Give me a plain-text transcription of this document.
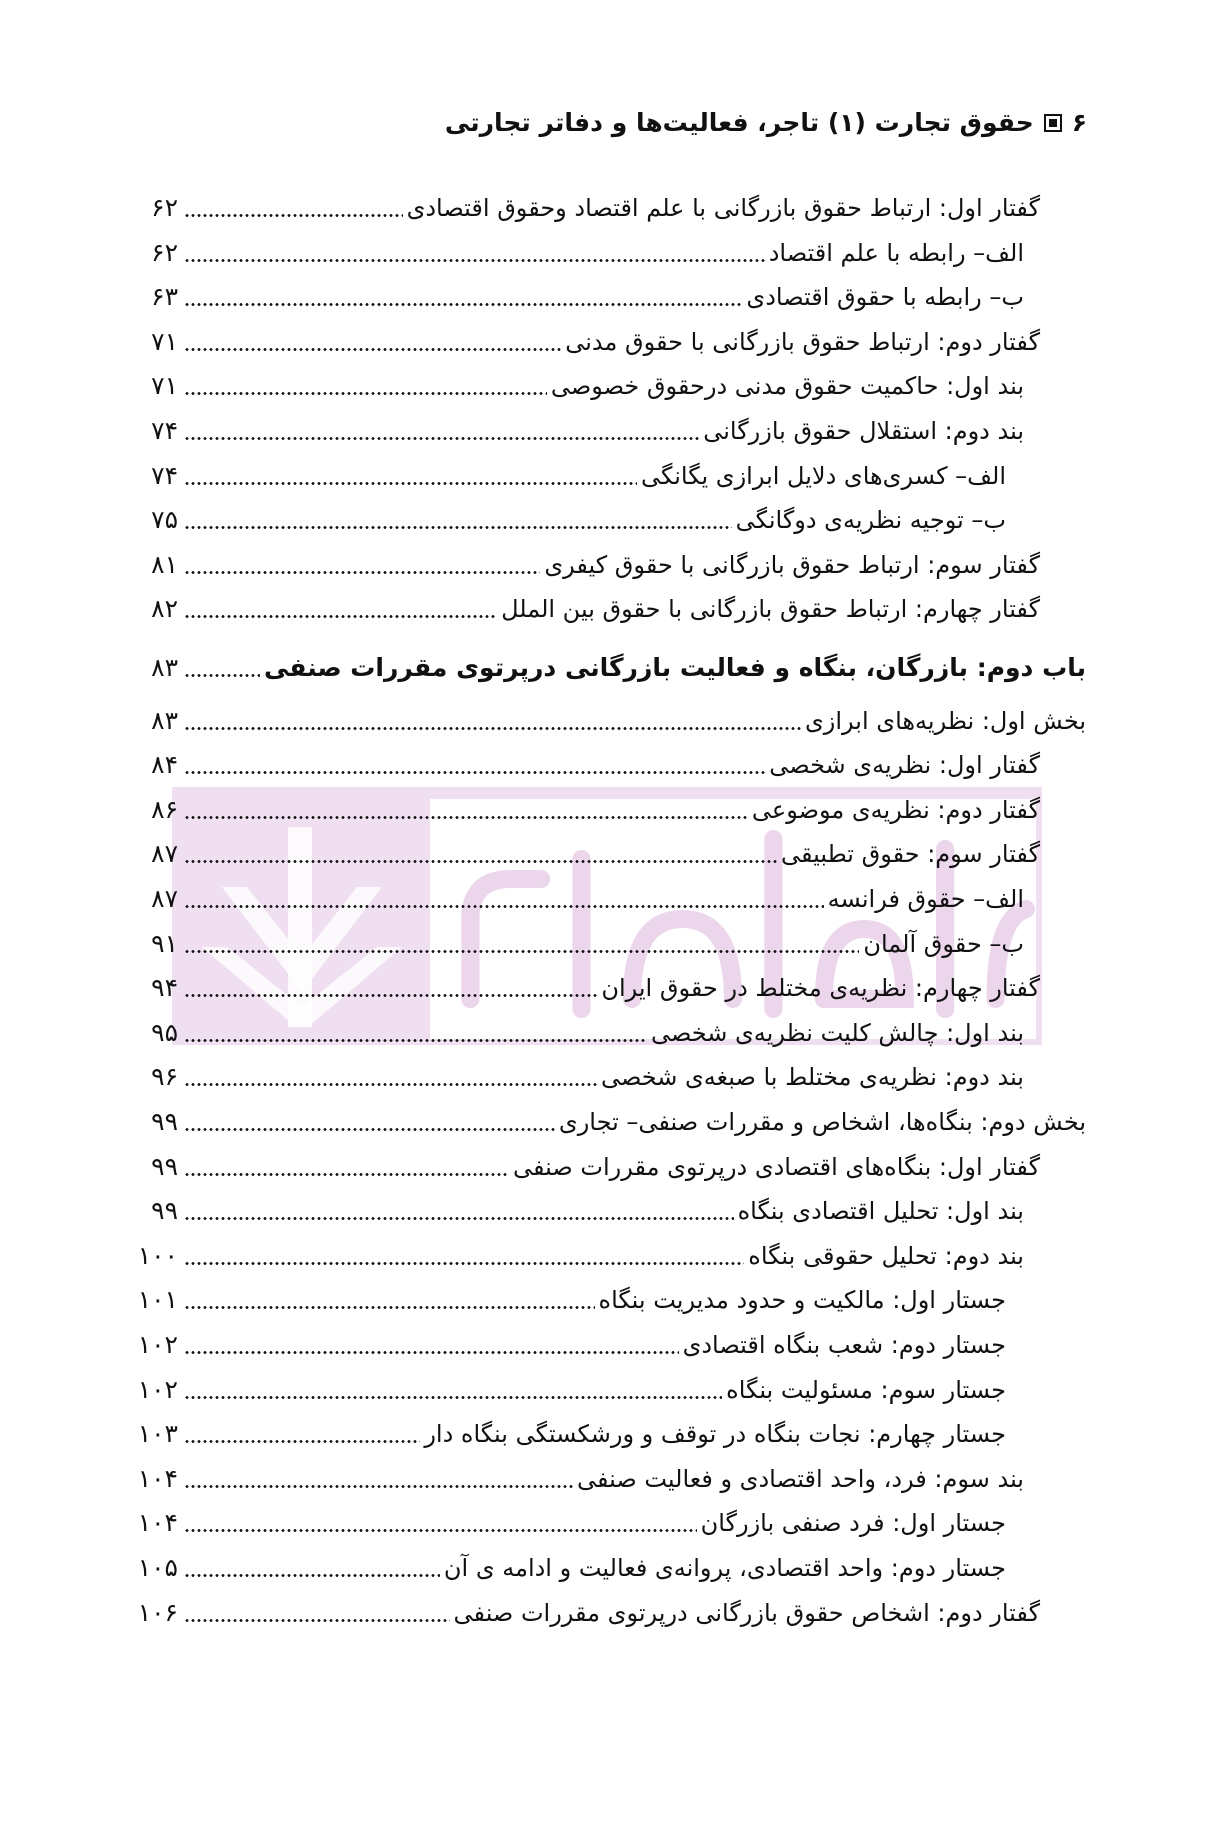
۶
حقوق تجارت (۱) تاجر، فعالیت‌ها و دفاتر تجارتی
گفتار اول: ارتباط حقوق بازرگانی با علم اقتصاد وحقوق اقتصادی
۶۲
الف– رابطه با علم اقتصاد
۶۲
ب– رابطه با حقوق اقتصادی
۶۳
گفتار دوم: ارتباط حقوق بازرگانی با حقوق مدنی
۷۱
بند اول: حاکمیت حقوق مدنی درحقوق خصوصی
۷۱
بند دوم: استقلال حقوق بازرگانی
۷۴
الف– کسری‌های دلایل ابرازی یگانگی
۷۴
ب– توجیه نظریه‌ی دوگانگی
۷۵
گفتار سوم: ارتباط حقوق بازرگانی با حقوق کیفری
۸۱
گفتار چهارم: ارتباط حقوق بازرگانی با حقوق بین الملل
۸۲
باب دوم: بازرگان، بنگاه و فعالیت بازرگانی درپرتوی مقررات صنفی
۸۳
بخش اول: نظریه‌های ابرازی
۸۳
گفتار اول: نظریه‌ی شخصی
۸۴
گفتار دوم: نظریه‌ی موضوعی
۸۶
گفتار سوم: حقوق تطبیقی
۸۷
الف– حقوق فرانسه
۸۷
ب– حقوق آلمان
۹۱
گفتار چهارم: نظریه‌ی مختلط در حقوق ایران
۹۴
بند اول: چالش کلیت نظریه‌ی شخصی
۹۵
بند دوم: نظریه‌ی مختلط با صبغه‌ی شخصی
۹۶
بخش دوم: بنگاه‌ها، اشخاص و مقررات صنفی– تجاری
۹۹
گفتار اول: بنگاه‌های اقتصادی درپرتوی مقررات صنفی
۹۹
بند اول: تحلیل اقتصادی بنگاه
۹۹
بند دوم: تحلیل حقوقی بنگاه
۱۰۰
جستار اول: مالکیت و حدود مدیریت بنگاه
۱۰۱
جستار دوم: شعب بنگاه اقتصادی
۱۰۲
جستار سوم: مسئولیت بنگاه
۱۰۲
جستار چهارم: نجات بنگاه در توقف و ورشکستگی بنگاه دار
۱۰۳
بند سوم: فرد، واحد اقتصادی و فعالیت صنفی
۱۰۴
جستار اول: فرد صنفی بازرگان
۱۰۴
جستار دوم: واحد اقتصادی، پروانه‌ی فعالیت و ادامه ی آن
۱۰۵
گفتار دوم: اشخاص حقوق بازرگانی درپرتوی مقررات صنفی
۱۰۶
